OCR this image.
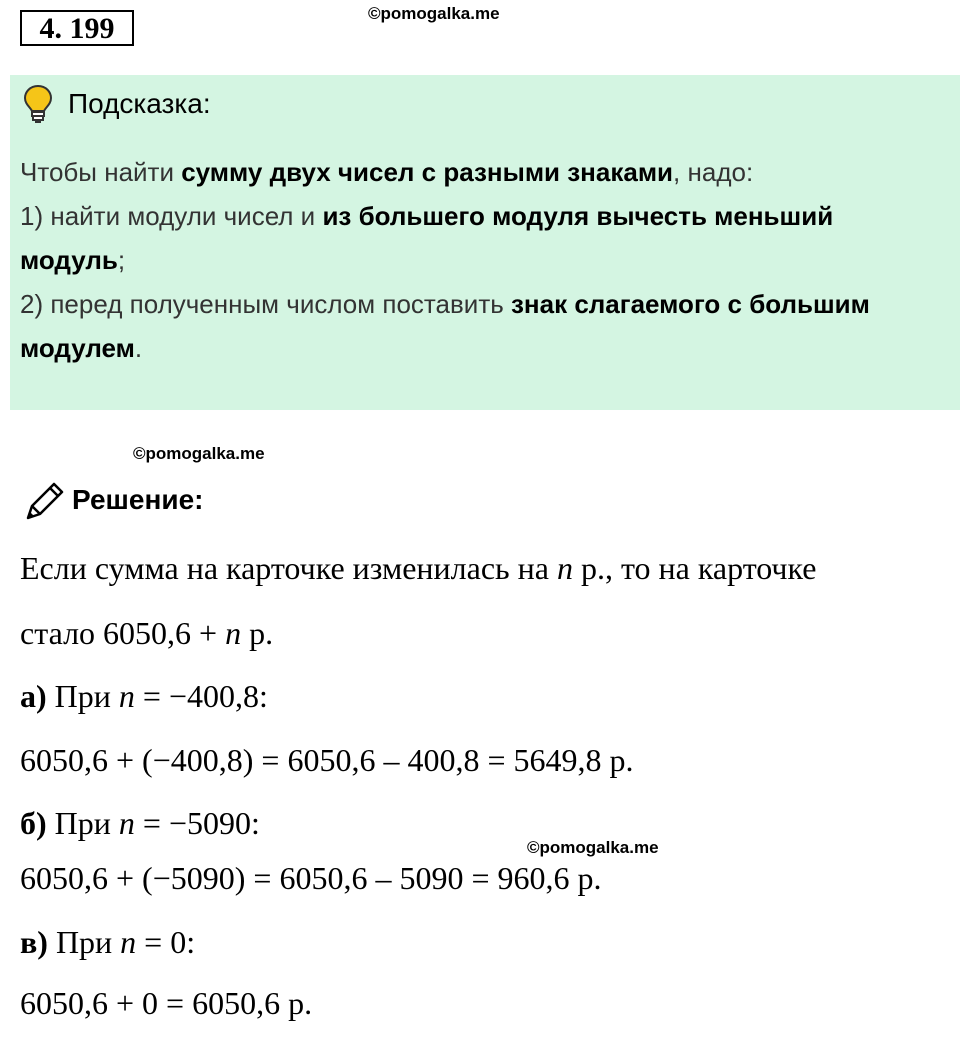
4. 199	©pomogalka.me
Подсказка:
Чтобы найти сумму двух чисел с разными знаками, надо:
1) найти модули чисел и из большего модуля вычесть меньший модуль;
2) перед полученным числом поставить знак слагаемого с большим модулем.
©pomogalka.me
Решение:
Если сумма на карточке изменилась на n р., то на карточке
стало 6050,6 + n р.
а) При n = −400,8:
6050,6 + (−400,8) = 6050,6 – 400,8 = 5649,8 р.
б) При n = −5090:
©pomogalka.me
6050,6 + (−5090) = 6050,6 – 5090 = 960,6 р.
в) При n = 0:
6050,6 + 0 = 6050,6 р.
